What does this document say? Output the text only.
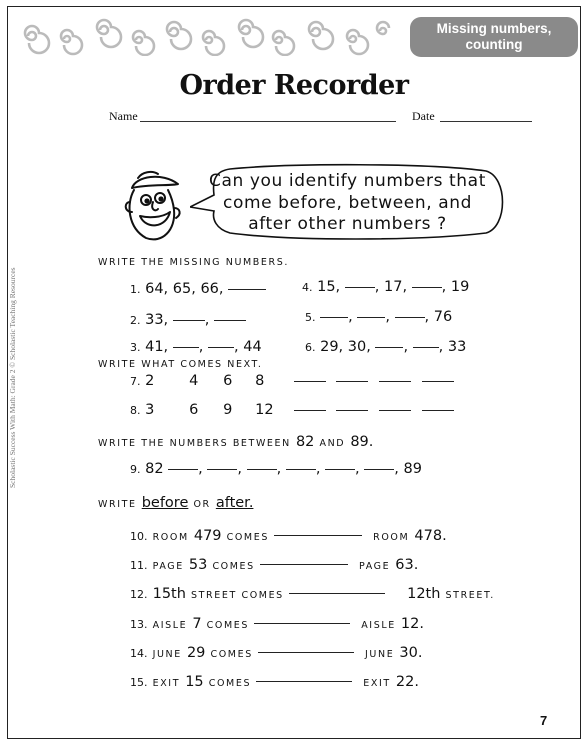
Scholastic Success With Math: Grade 2 © Scholastic Teaching Resources
Missing numbers,
counting
Order Recorder
Name	Date
Can you identify numbers that
come before, between, and
after other numbers ?
WRITE THE MISSING NUMBERS.
1. 64, 65, 66,	4. 15, , 17, , 19
2. 33,	,	5. , , , 76
3. 41, , , 44	6. 29, 30, , , 33
WRITE WHAT COMES NEXT.
7. 2 4 6 8
8. 3 6 9 12
WRITE THE NUMBERS BETWEEN 82 AND 89.
9. 82 , , , , , , 89
WRITE before OR after.
10. ROOM 479 COMES	ROOM 478.
11. PAGE 53 COMES	PAGE 63.
12. 15th STREET COMES	12th STREET.
13. AISLE 7 COMES	AISLE 12.
14. JUNE 29 COMES	JUNE 30.
15. EXIT 15 COMES	EXIT 22.
7
